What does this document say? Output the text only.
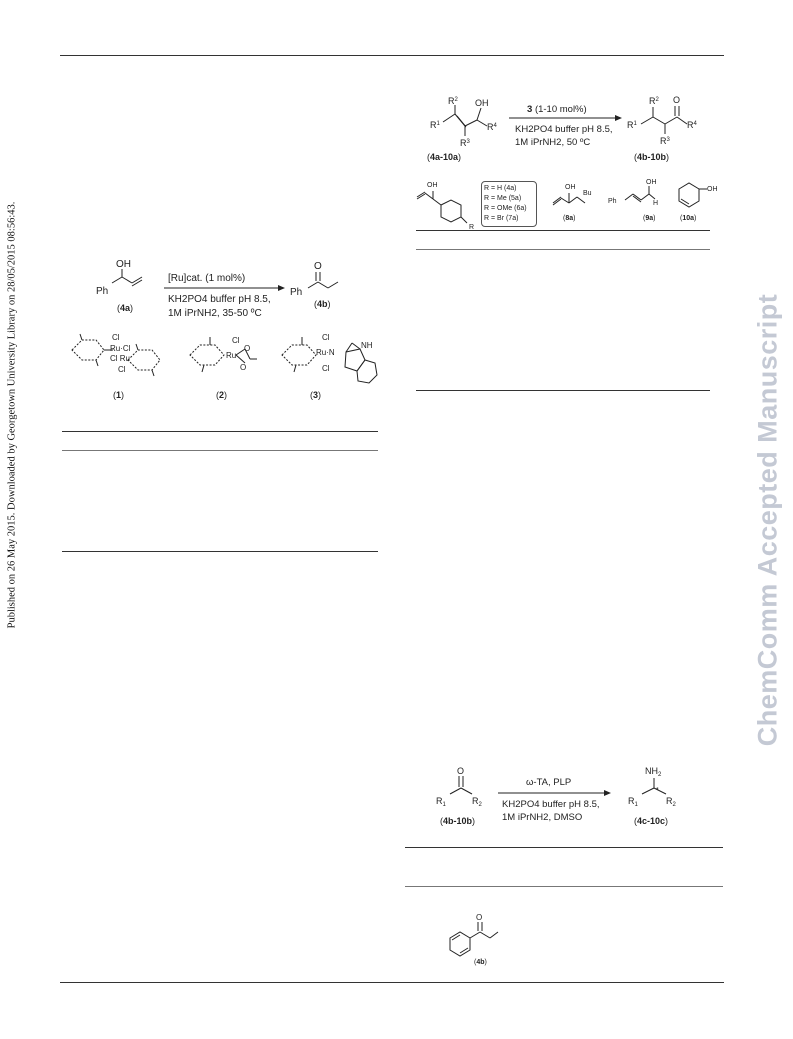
Published on 26 May 2015. Downloaded by Georgetown University Library on 28/05/2015 08:56:43.	ChemComm Accepted Manuscript
OH
Ph
(4a)
[Ru]cat. (1 mol%)
KH2PO4 buffer pH 8.5,
1M iPrNH2, 35-50 ºC
O
Ph
(4b)
Cl
Ru·Cl
Cl Ru
Cl
(1)
Cl
Ru
O
O
(2)
Cl
Ru·N
Cl
NH
(3)
$R^2$ OH
$R^1$	$R^4$
$R^3$
(4a-10a)
3 (1-10 mol%)
KH2PO4 buffer pH 8.5,
1M iPrNH2, 50 ºC
$R^2$ O
$R^1$	$R^4$
$R^3$
(4b-10b)
OH
R
R = H (4a)
R = Me (5a)
R = OMe (6a)
R = Br (7a)
OH
Bu
(8a)
Ph
OH
H
(9a)
OH
(10a)
O
$R_1$	$R_2$
(4b-10b)
ω-TA, PLP
KH2PO4 buffer pH 8.5,
1M iPrNH2, DMSO
$NH_2$
*
$R_1$	$R_2$
(4c-10c)
O
(4b)
